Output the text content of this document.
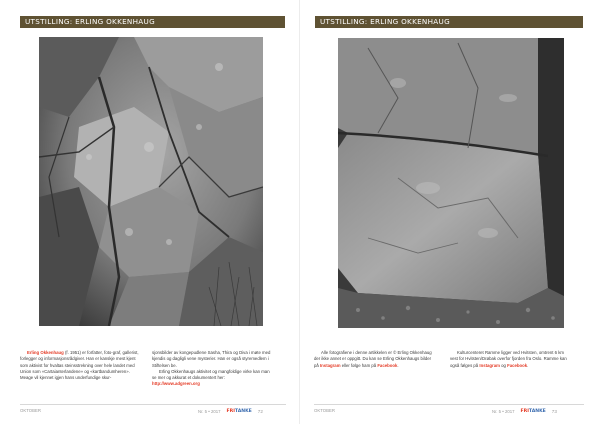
UTSTILLING: ERLING OKKENHAUG

Erling Okkenhaug (f. 1951) er forfatter, foto-graf, gallerist, forlegger og informasjonsrådgiver. Han er kanskje mest kjent som aktivist for hvaltas steinsstrekning over hele landet med Union som «Cartaianterlandene» og «kartbandumheren». Meage vil kjennet igjen hans underfundige skur-

sjonsbilder av kongepudlene Sasha, Thira og Diva i møte med kjendis og dagligli vene mysterier. Han er også styremedlem i Stiftelsen be.

Erling Okkenhaugs aktivitet og mangfoldige virke kan man se mer og akkurat et dokumentert her:

http://www.adgreen.org

OKTOBER	Nr. 5 • 2017 FRI TANKE 72
UTSTILLING: ERLING OKKENHAUG

Alle fotografiene i denne artikkelen er © Erling Okkenhaug der ikke annet er oppgitt. Du kan se Erling Okkenhaugs bilder på Instagram eller følge ham på Facebook.

Kulturcenteret Ramme ligger ved Hvitsten, omtrent 6 km vest for Hvitsten/Drøbak overfor fjorden fra Oslo. Ramme kan også følges på Instagram og Facebook.

OKTOBER	Nr. 5 • 2017 FRI TANKE 73
